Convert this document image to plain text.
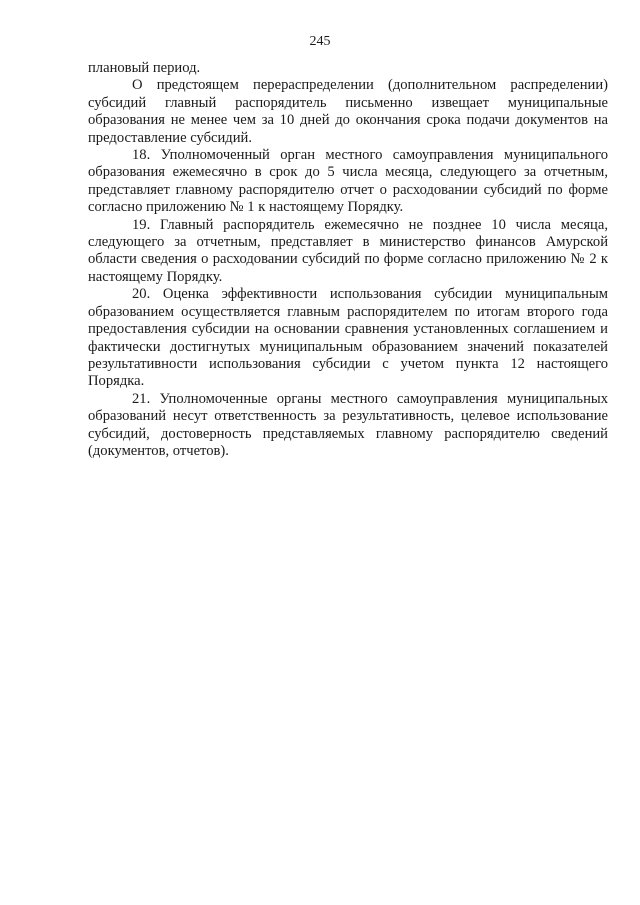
245

плановый период.

О предстоящем перераспределении (дополнительном распределении) субсидий главный распорядитель письменно извещает муниципальные образования не менее чем за 10 дней до окончания срока подачи документов на предоставление субсидий.

18. Уполномоченный орган местного самоуправления муниципального образования ежемесячно в срок до 5 числа месяца, следующего за отчетным, представляет главному распорядителю отчет о расходовании субсидий по форме согласно приложению № 1 к настоящему Порядку.

19. Главный распорядитель ежемесячно не позднее 10 числа месяца, следующего за отчетным, представляет в министерство финансов Амурской области сведения о расходовании субсидий по форме согласно приложению № 2 к настоящему Порядку.

20. Оценка эффективности использования субсидии муниципальным образованием осуществляется главным распорядителем по итогам второго года предоставления субсидии на основании сравнения установленных соглашением и фактически достигнутых муниципальным образованием значений показателей результативности использования субсидии с учетом пункта 12 настоящего Порядка.

21. Уполномоченные органы местного самоуправления муниципальных образований несут ответственность за результативность, целевое использование субсидий, достоверность представляемых главному распорядителю сведений (документов, отчетов).
